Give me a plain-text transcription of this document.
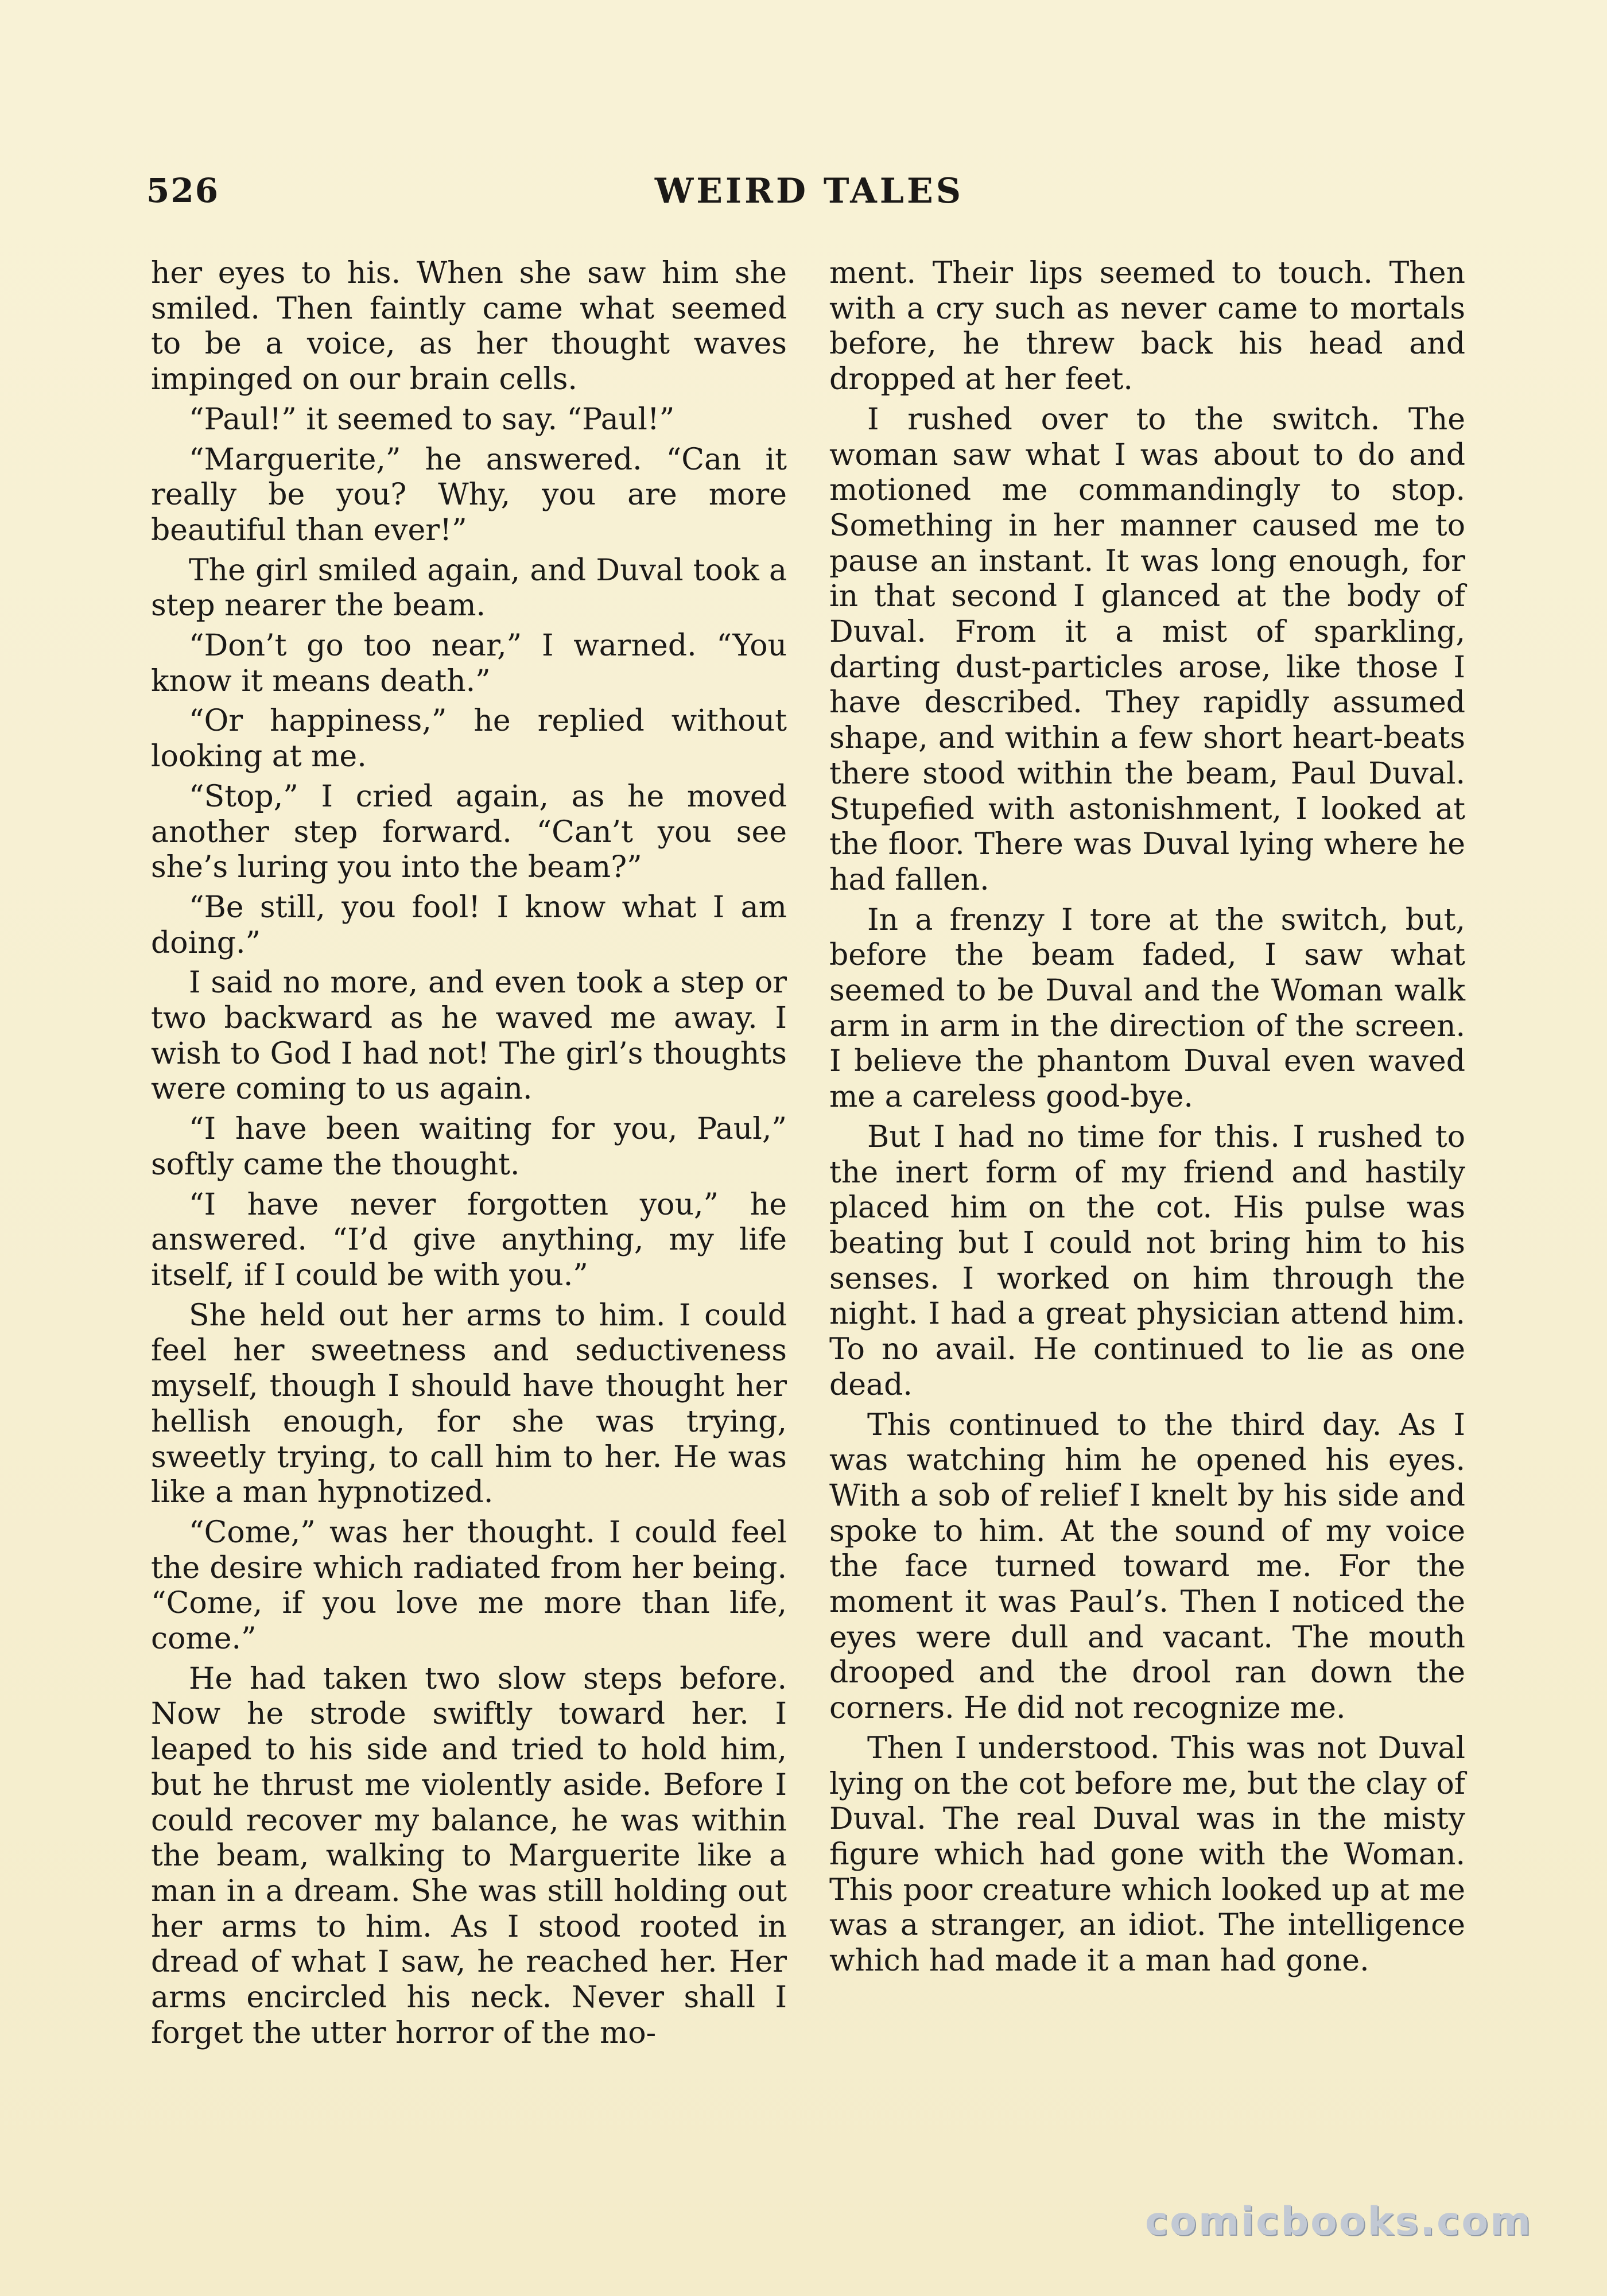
526	WEIRD TALES

her eyes to his. When she saw him she smiled. Then faintly came what seemed to be a voice, as her thought waves impinged on our brain cells.

“Paul!” it seemed to say. “Paul!”

“Marguerite,” he answered. “Can it really be you? Why, you are more beautiful than ever!”

The girl smiled again, and Duval took a step nearer the beam.

“Don’t go too near,” I warned. “You know it means death.”

“Or happiness,” he replied without looking at me.

“Stop,” I cried again, as he moved another step forward. “Can’t you see she’s luring you into the beam?”

“Be still, you fool! I know what I am doing.”

I said no more, and even took a step or two backward as he waved me away. I wish to God I had not! The girl’s thoughts were coming to us again.

“I have been waiting for you, Paul,” softly came the thought.

“I have never forgotten you,” he answered. “I’d give anything, my life itself, if I could be with you.”

She held out her arms to him. I could feel her sweetness and seductiveness myself, though I should have thought her hellish enough, for she was trying, sweetly trying, to call him to her. He was like a man hypnotized.

“Come,” was her thought. I could feel the desire which radiated from her being. “Come, if you love me more than life, come.”

He had taken two slow steps before. Now he strode swiftly toward her. I leaped to his side and tried to hold him, but he thrust me violently aside. Before I could recover my balance, he was within the beam, walking to Marguerite like a man in a dream. She was still holding out her arms to him. As I stood rooted in dread of what I saw, he reached her. Her arms encircled his neck. Never shall I forget the utter horror of the mo-

ment. Their lips seemed to touch. Then with a cry such as never came to mortals before, he threw back his head and dropped at her feet.

I rushed over to the switch. The woman saw what I was about to do and motioned me commandingly to stop. Something in her manner caused me to pause an instant. It was long enough, for in that second I glanced at the body of Duval. From it a mist of sparkling, darting dust-particles arose, like those I have described. They rapidly assumed shape, and within a few short heart-beats there stood within the beam, Paul Duval. Stupefied with astonishment, I looked at the floor. There was Duval lying where he had fallen.

In a frenzy I tore at the switch, but, before the beam faded, I saw what seemed to be Duval and the Woman walk arm in arm in the direction of the screen. I believe the phantom Duval even waved me a careless good-bye.

But I had no time for this. I rushed to the inert form of my friend and hastily placed him on the cot. His pulse was beating but I could not bring him to his senses. I worked on him through the night. I had a great physician attend him. To no avail. He continued to lie as one dead.

This continued to the third day. As I was watching him he opened his eyes. With a sob of relief I knelt by his side and spoke to him. At the sound of my voice the face turned toward me. For the moment it was Paul’s. Then I noticed the eyes were dull and vacant. The mouth drooped and the drool ran down the corners. He did not recognize me.

Then I understood. This was not Duval lying on the cot before me, but the clay of Duval. The real Duval was in the misty figure which had gone with the Woman. This poor creature which looked up at me was a stranger, an idiot. The intelligence which had made it a man had gone.

comicbooks.com
